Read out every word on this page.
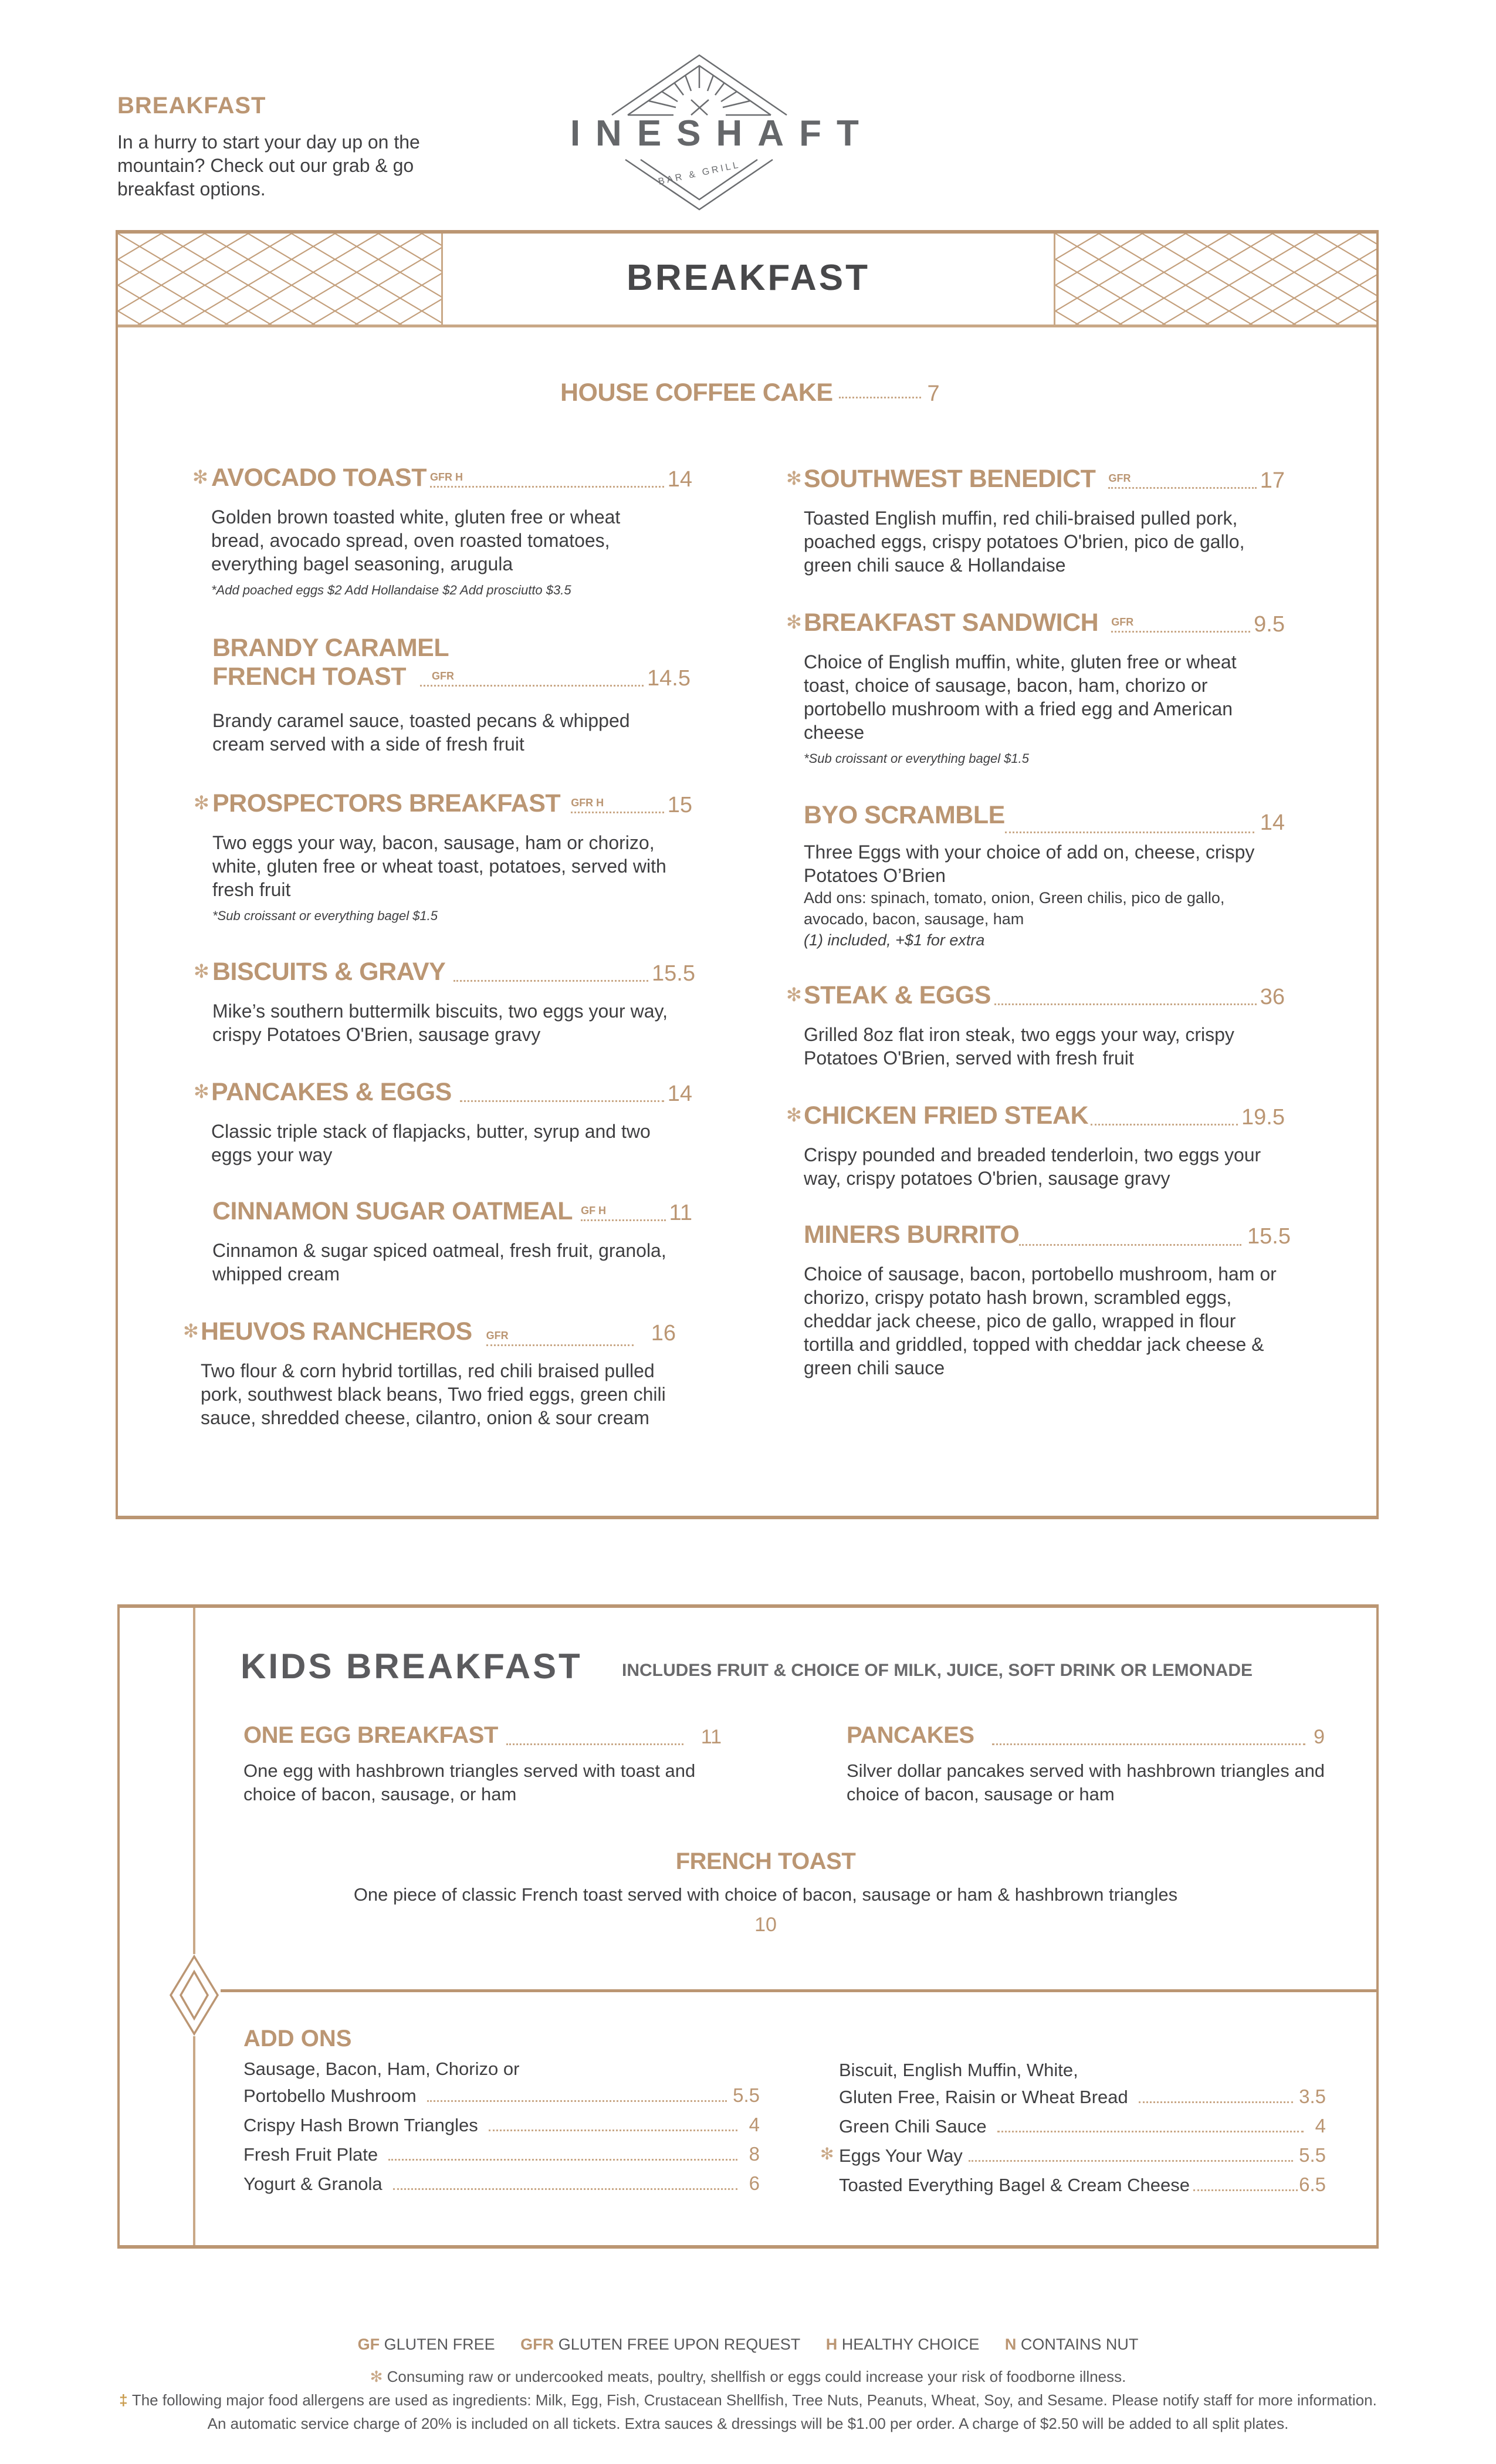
BREAKFAST
In a hurry to start your day up on the mountain? Check out our grab & go breakfast options.
MINESHAFT
BAR & GRILL
BREAKFAST
HOUSE COFFEE CAKE	7
✻ AVOCADO TOAST GFR H	14
Golden brown toasted white, gluten free or wheat bread, avocado spread, oven roasted tomatoes, everything bagel seasoning, arugula
*Add poached eggs $2 Add Hollandaise $2 Add prosciutto $3.5
BRANDY CARAMEL
FRENCH TOAST GFR	14.5
Brandy caramel sauce, toasted pecans & whipped cream served with a side of fresh fruit
✻ PROSPECTORS BREAKFAST GFR H	15
Two eggs your way, bacon, sausage, ham or chorizo, white, gluten free or wheat toast, potatoes, served with fresh fruit
*Sub croissant or everything bagel $1.5
✻ BISCUITS & GRAVY	15.5
Mike’s southern buttermilk biscuits, two eggs your way, crispy Potatoes O'Brien, sausage gravy
✻ PANCAKES & EGGS	14
Classic triple stack of flapjacks, butter, syrup and two eggs your way
CINNAMON SUGAR OATMEAL GF H	11
Cinnamon & sugar spiced oatmeal, fresh fruit, granola, whipped cream
✻ HEUVOS RANCHEROS GFR	16
Two flour & corn hybrid tortillas, red chili braised pulled pork, southwest black beans, Two fried eggs, green chili sauce, shredded cheese, cilantro, onion & sour cream
✻ SOUTHWEST BENEDICT GFR	17
Toasted English muffin, red chili-braised pulled pork, poached eggs, crispy potatoes O'brien, pico de gallo, green chili sauce & Hollandaise
✻ BREAKFAST SANDWICH GFR	9.5
Choice of English muffin, white, gluten free or wheat toast, choice of sausage, bacon, ham, chorizo or portobello mushroom with a fried egg and American cheese
*Sub croissant or everything bagel $1.5
BYO SCRAMBLE	14
Three Eggs with your choice of add on, cheese, crispy Potatoes O’Brien
Add ons: spinach, tomato, onion, Green chilis, pico de gallo, avocado, bacon, sausage, ham
(1) included, +$1 for extra
✻ STEAK & EGGS	36
Grilled 8oz flat iron steak, two eggs your way, crispy Potatoes O'Brien, served with fresh fruit
✻ CHICKEN FRIED STEAK	19.5
Crispy pounded and breaded tenderloin, two eggs your way, crispy potatoes O'brien, sausage gravy
MINERS BURRITO	15.5
Choice of sausage, bacon, portobello mushroom, ham or chorizo, crispy potato hash brown, scrambled eggs, cheddar jack cheese, pico de gallo, wrapped in flour tortilla and griddled, topped with cheddar jack cheese & green chili sauce
KIDS BREAKFAST INCLUDES FRUIT & CHOICE OF MILK, JUICE, SOFT DRINK OR LEMONADE
ONE EGG BREAKFAST	11
One egg with hashbrown triangles served with toast and choice of bacon, sausage, or ham
PANCAKES	9
Silver dollar pancakes served with hashbrown triangles and choice of bacon, sausage or ham
FRENCH TOAST
One piece of classic French toast served with choice of bacon, sausage or ham & hashbrown triangles
10
ADD ONS
Sausage, Bacon, Ham, Chorizo or
Portobello Mushroom	5.5
Crispy Hash Brown Triangles	4
Fresh Fruit Plate	8
Yogurt & Granola	6
Biscuit, English Muffin, White,
Gluten Free, Raisin or Wheat Bread	3.5
Green Chili Sauce	4
✻ Eggs Your Way	5.5
Toasted Everything Bagel & Cream Cheese	6.5
GF GLUTEN FREE GFR GLUTEN FREE UPON REQUEST H HEALTHY CHOICE N CONTAINS NUT
✻ Consuming raw or undercooked meats, poultry, shellfish or eggs could increase your risk of foodborne illness.
‡ The following major food allergens are used as ingredients: Milk, Egg, Fish, Crustacean Shellfish, Tree Nuts, Peanuts, Wheat, Soy, and Sesame. Please notify staff for more information.
An automatic service charge of 20% is included on all tickets. Extra sauces & dressings will be $1.00 per order. A charge of $2.50 will be added to all split plates.
